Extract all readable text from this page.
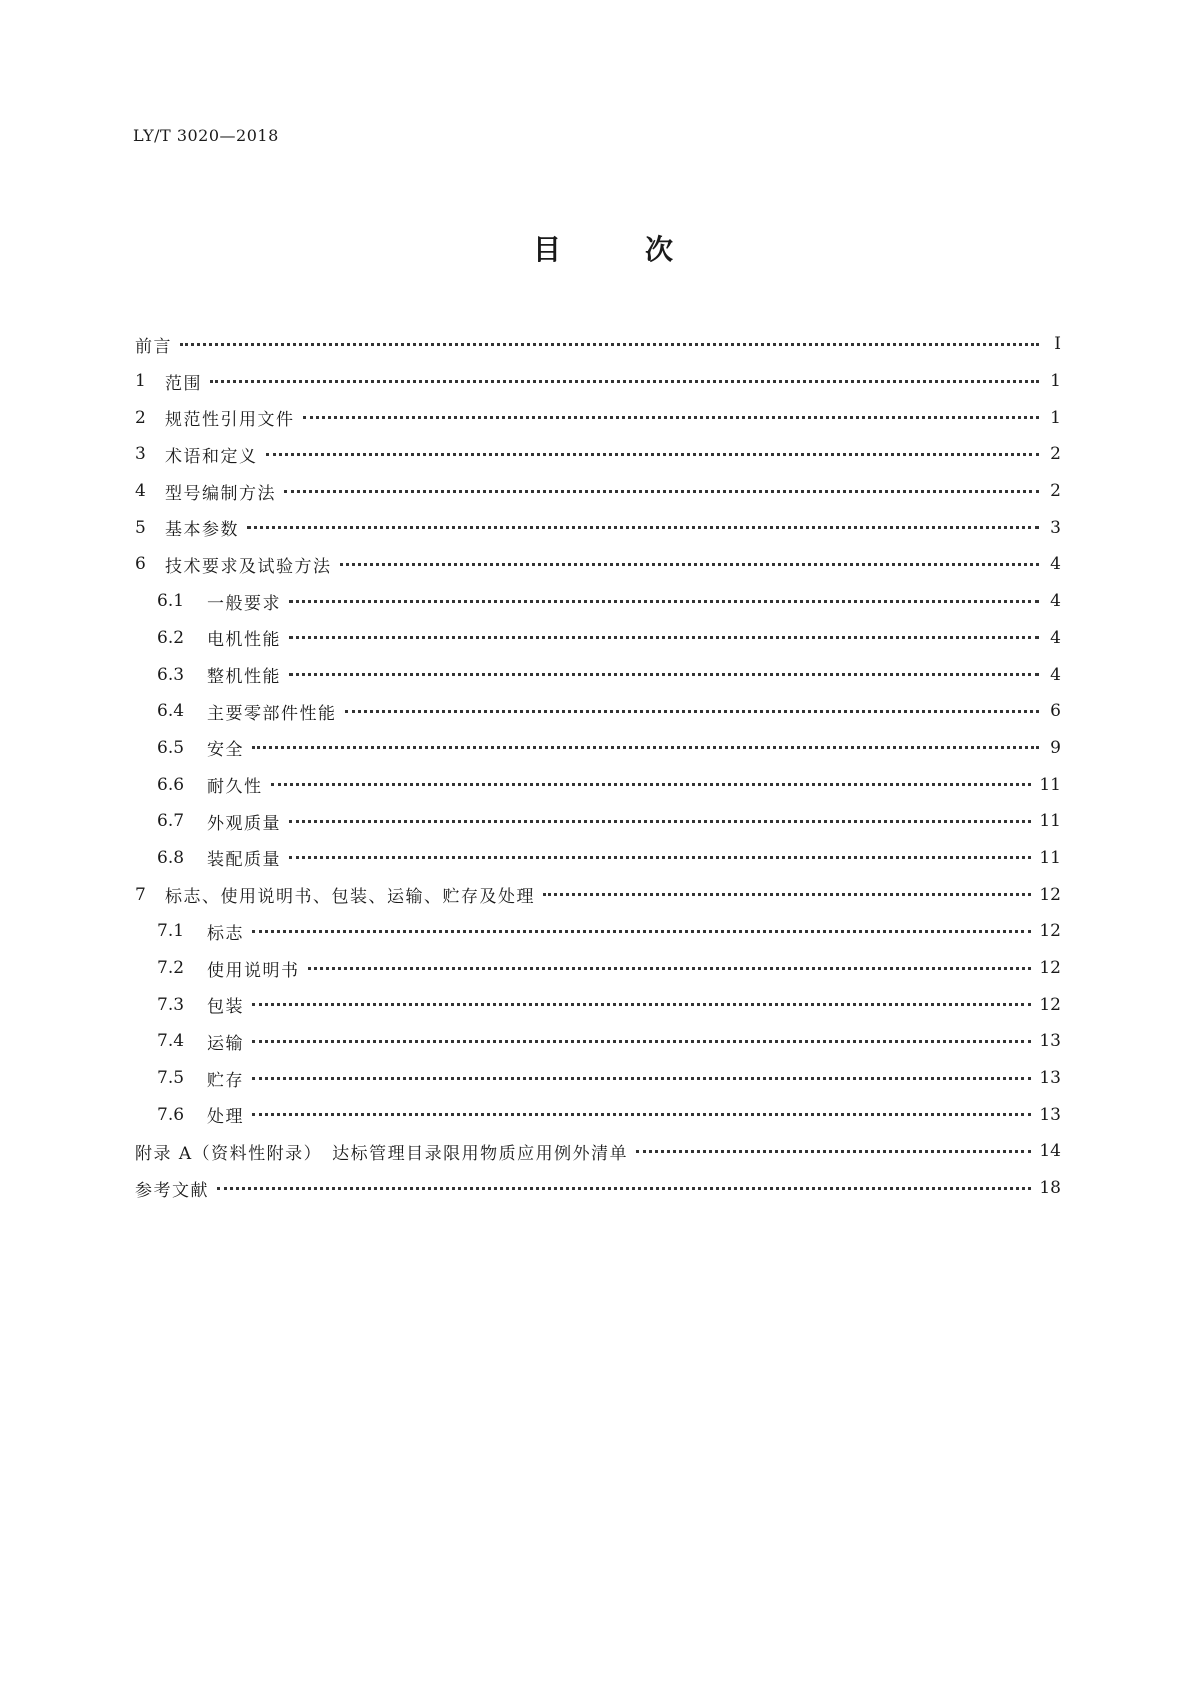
LY/T 3020—2018
目	次
前言	Ⅰ
1	范围	1
2	规范性引用文件	1
3	术语和定义	2
4	型号编制方法	2
5	基本参数	3
6	技术要求及试验方法	4
6.1	一般要求	4
6.2	电机性能	4
6.3	整机性能	4
6.4	主要零部件性能	6
6.5	安全	9
6.6	耐久性	11
6.7	外观质量	11
6.8	装配质量	11
7	标志、使用说明书、包装、运输、贮存及处理	12
7.1	标志	12
7.2	使用说明书	12
7.3	包装	12
7.4	运输	13
7.5	贮存	13
7.6	处理	13
附录 A（资料性附录）　达标管理目录限用物质应用例外清单	14
参考文献	18
